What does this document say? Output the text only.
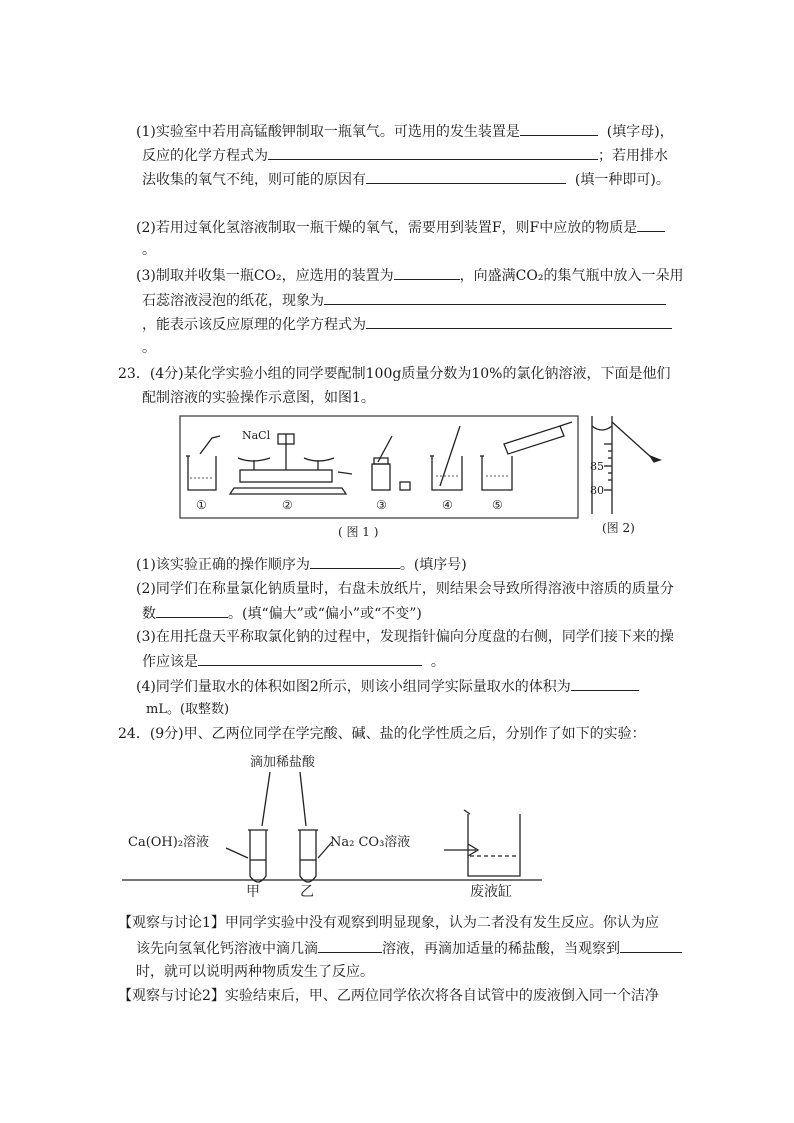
(1)实验室中若用高锰酸钾制取一瓶氧气。可选用的发生装置是	(填字母)，
反应的化学方程式为	；若用排水
法收集的氧气不纯，则可能的原因有	(填一种即可)。
(2)若用过氧化氢溶液制取一瓶干燥的氧气，需要用到装置F，则F中应放的物质是
。
(3)制取并收集一瓶CO₂，应选用的装置为	，向盛满CO₂的集气瓶中放入一朵用
石蕊溶液浸泡的纸花，现象为
，能表示该反应原理的化学方程式为
。
23．(4分)某化学实验小组的同学要配制100g质量分数为10%的氯化钠溶液，下面是他们
配制溶液的实验操作示意图，如图1。
①
NaCl
②	③	④	⑤
( 图 1 )
85
80
(图 2)
(1)该实验正确的操作顺序为	。(填序号)
(2)同学们在称量氯化钠质量时，右盘未放纸片，则结果会导致所得溶液中溶质的质量分
数	。(填“偏大”或“偏小”或“不变”)
(3)在用托盘天平称取氯化钠的过程中，发现指针偏向分度盘的右侧，同学们接下来的操
作应该是	。
(4)同学们量取水的体积如图2所示，则该小组同学实际量取水的体积为
mL。(取整数)
24．(9分)甲、乙两位同学在学完酸、碱、盐的化学性质之后，分别作了如下的实验：
滴加稀盐酸
Ca(OH)₂溶液	Na₂ CO₃溶液
甲	乙	废液缸
【观察与讨论1】甲同学实验中没有观察到明显现象，认为二者没有发生反应。你认为应
该先向氢氧化钙溶液中滴几滴	溶液，再滴加适量的稀盐酸，当观察到
时，就可以说明两种物质发生了反应。
【观察与讨论2】实验结束后，甲、乙两位同学依次将各自试管中的废液倒入同一个洁净
